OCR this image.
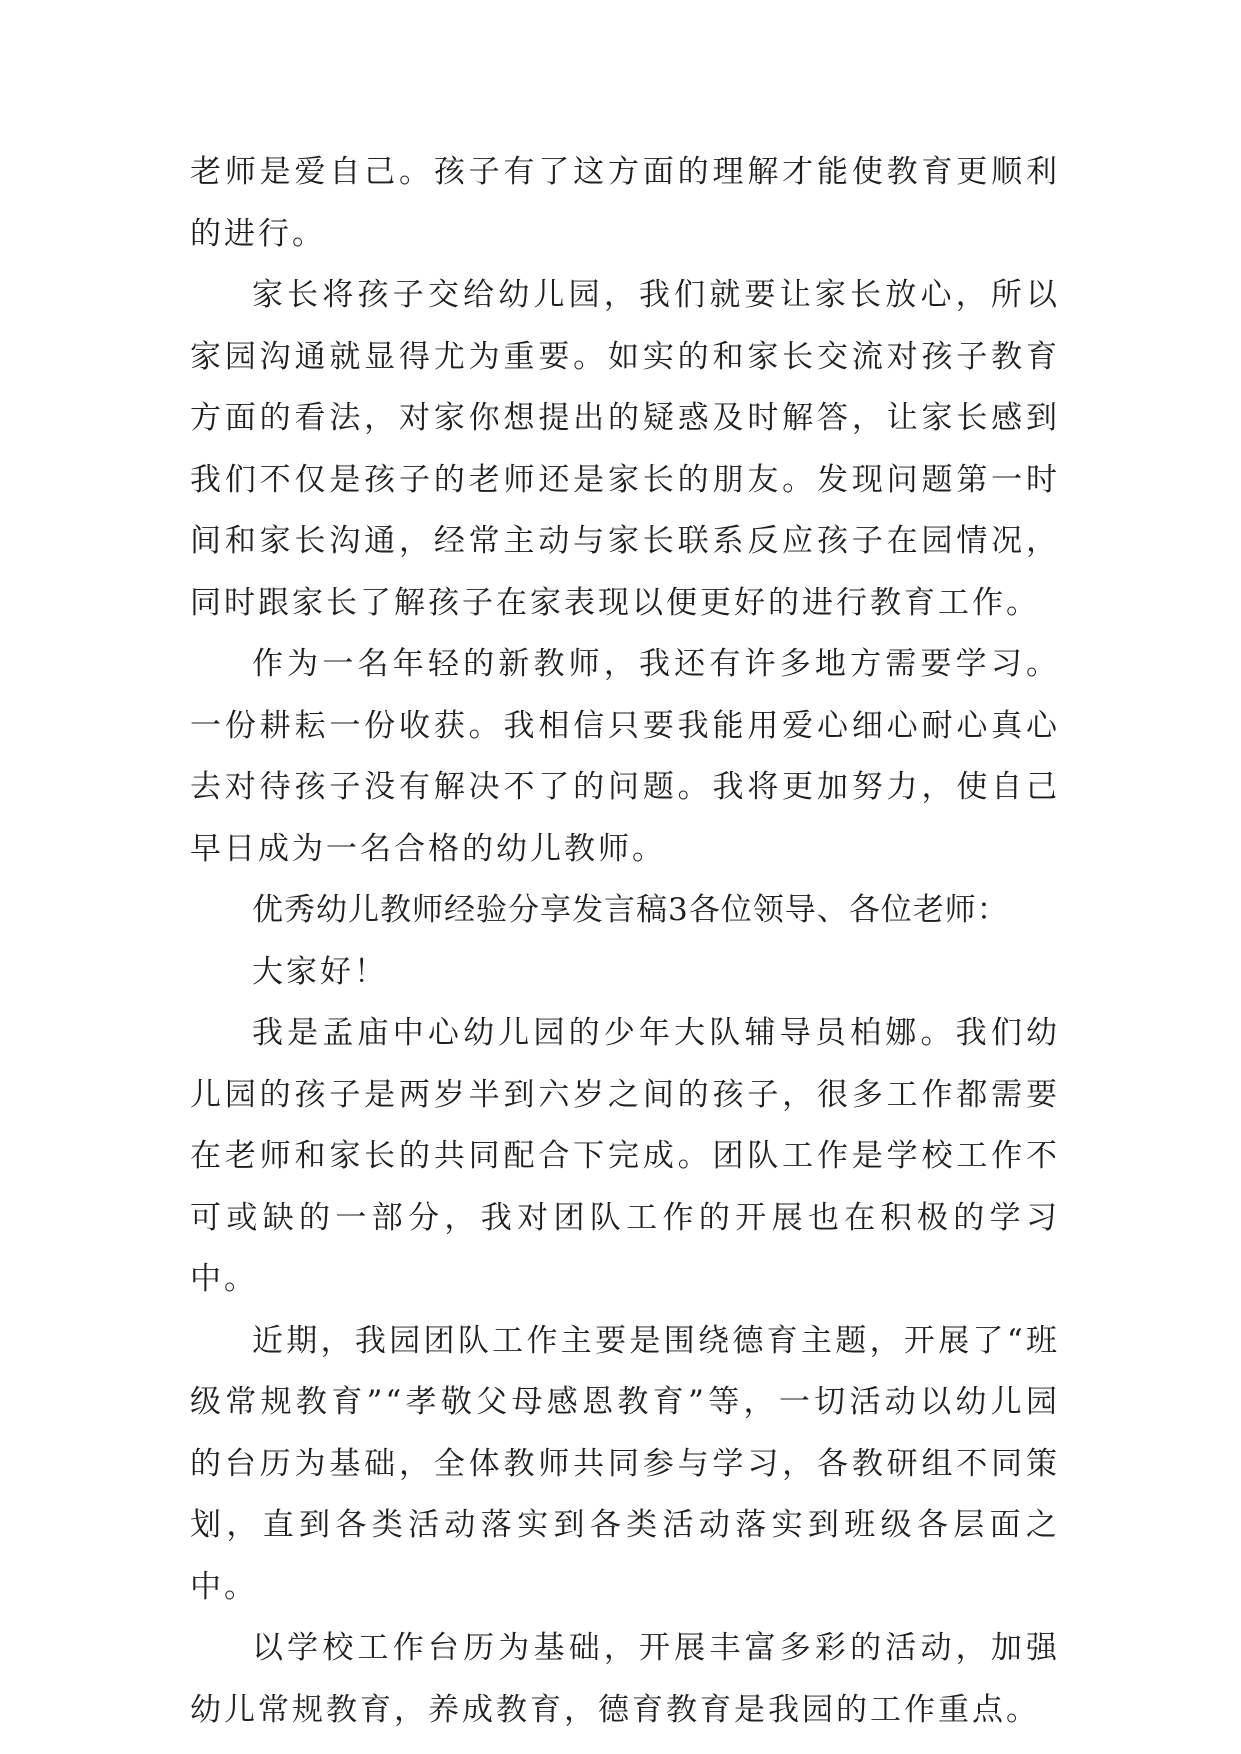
老师是爱自己。孩子有了这方面的理解才能使教育更顺利的进行。

家长将孩子交给幼儿园，我们就要让家长放心，所以家园沟通就显得尤为重要。如实的和家长交流对孩子教育方面的看法，对家你想提出的疑惑及时解答，让家长感到我们不仅是孩子的老师还是家长的朋友。发现问题第一时间和家长沟通，经常主动与家长联系反应孩子在园情况，同时跟家长了解孩子在家表现以便更好的进行教育工作。

作为一名年轻的新教师，我还有许多地方需要学习。一份耕耘一份收获。我相信只要我能用爱心细心耐心真心去对待孩子没有解决不了的问题。我将更加努力，使自己早日成为一名合格的幼儿教师。

优秀幼儿教师经验分享发言稿3各位领导、各位老师：

大家好！

我是孟庙中心幼儿园的少年大队辅导员柏娜。我们幼儿园的孩子是两岁半到六岁之间的孩子，很多工作都需要在老师和家长的共同配合下完成。团队工作是学校工作不可或缺的一部分，我对团队工作的开展也在积极的学习中。

近期，我园团队工作主要是围绕德育主题，开展了“班级常规教育”“孝敬父母感恩教育”等，一切活动以幼儿园的台历为基础，全体教师共同参与学习，各教研组不同策划，直到各类活动落实到各类活动落实到班级各层面之中。

以学校工作台历为基础，开展丰富多彩的活动，加强幼儿常规教育，养成教育，德育教育是我园的工作重点。
